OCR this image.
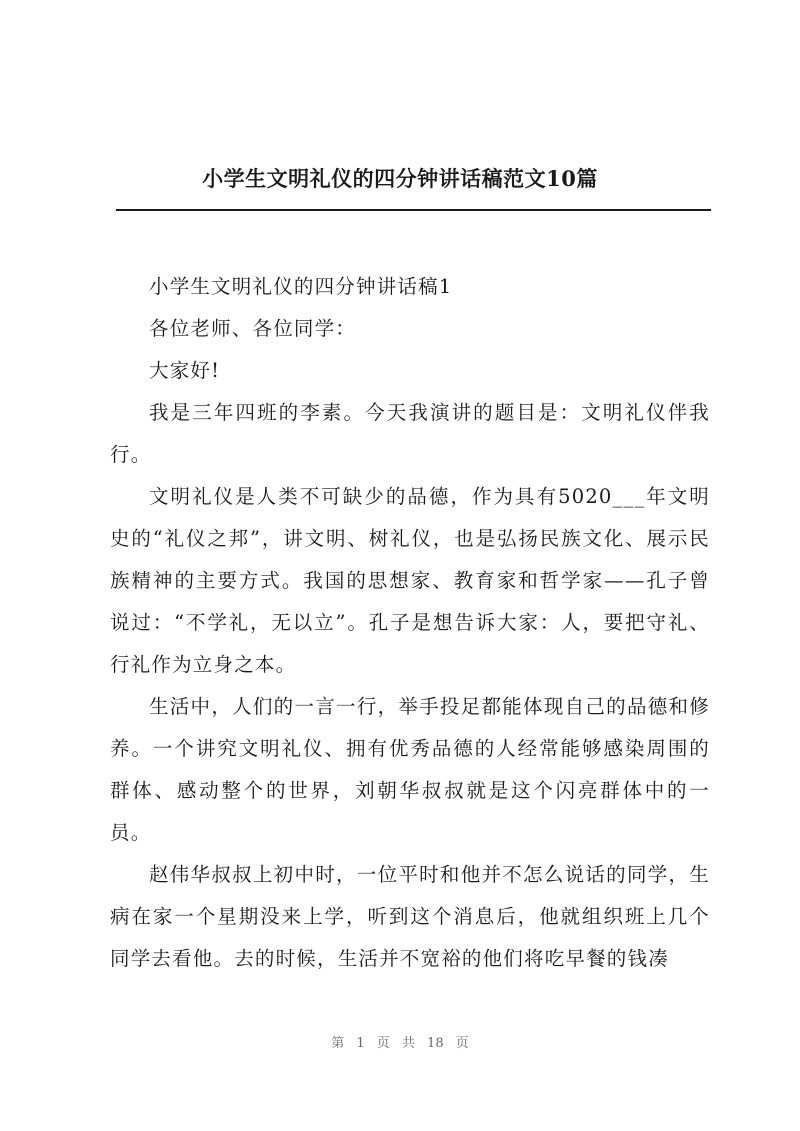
小学生文明礼仪的四分钟讲话稿范文10篇

小学生文明礼仪的四分钟讲话稿1

各位老师、各位同学：

大家好!

我是三年四班的李素。今天我演讲的题目是：文明礼仪伴我行。

文明礼仪是人类不可缺少的品德，作为具有5020___年文明史的“礼仪之邦”，讲文明、树礼仪，也是弘扬民族文化、展示民族精神的主要方式。我国的思想家、教育家和哲学家——孔子曾说过：“不学礼，无以立”。孔子是想告诉大家：人，要把守礼、行礼作为立身之本。

生活中，人们的一言一行，举手投足都能体现自己的品德和修养。一个讲究文明礼仪、拥有优秀品德的人经常能够感染周围的群体、感动整个的世界，刘朝华叔叔就是这个闪亮群体中的一员。

赵伟华叔叔上初中时，一位平时和他并不怎么说话的同学，生病在家一个星期没来上学，听到这个消息后，他就组织班上几个同学去看他。去的时候，生活并不宽裕的他们将吃早餐的钱凑

第 1 页 共 18 页
